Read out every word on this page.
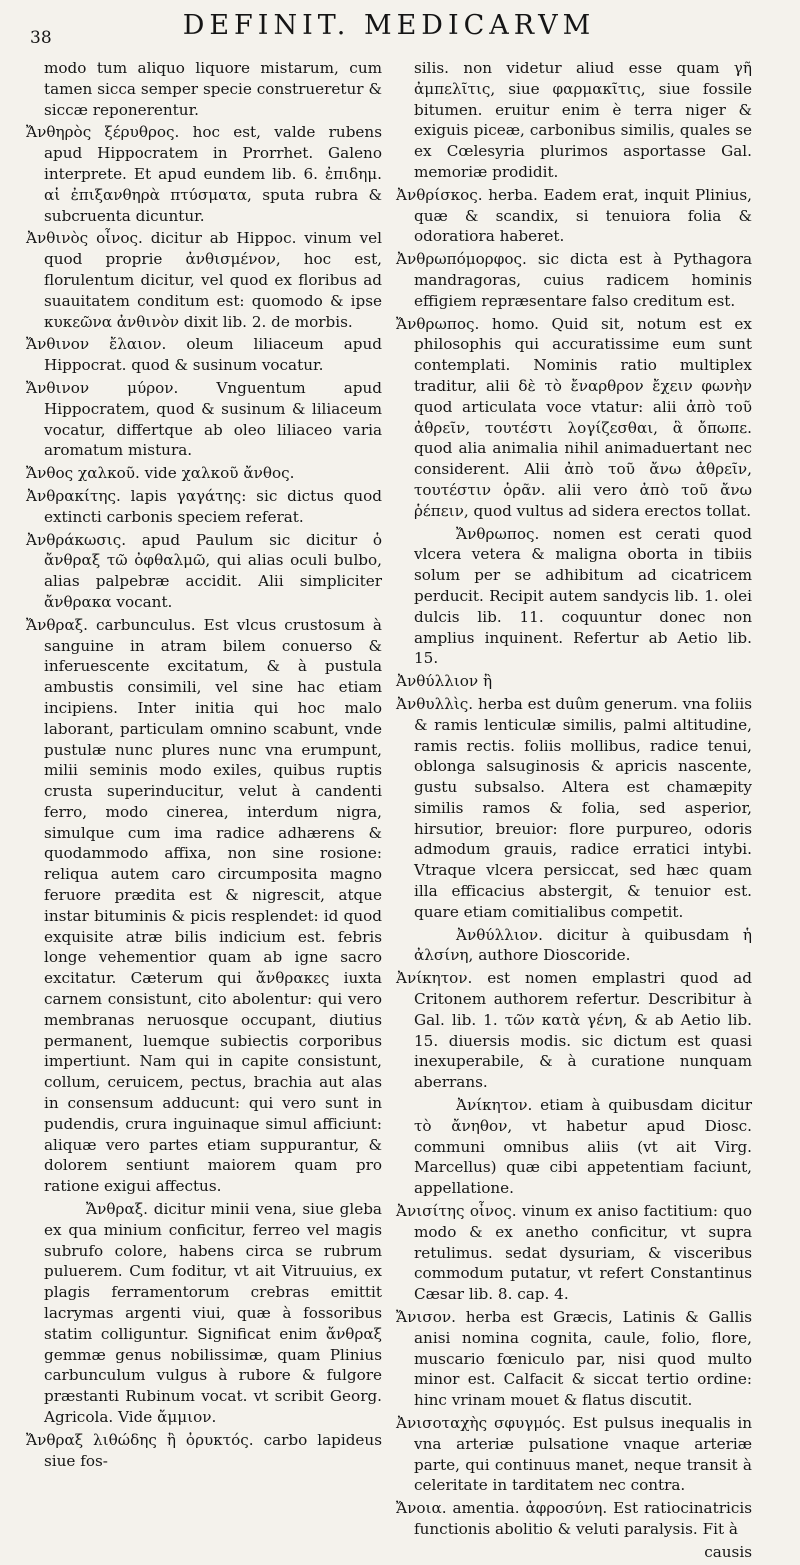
38	DEFINIT. MEDICARVM

modo tum aliquo liquore mistarum, cum tamen sicca semper specie construeretur & siccæ reponerentur.

Ἄνθηρὸς ξέρυθρος. hoc est, valde rubens apud Hippocratem in Prorrhet. Galeno interprete. Et apud eundem lib. 6. ἐπιδημ. αἱ ἐπιξανθηρὰ πτύσματα, sputa rubra & subcruenta dicuntur.

Ἀνθινὸς οἶνος. dicitur ab Hippoc. vinum vel quod proprie ἀνθισμένον, hoc est, florulentum dicitur, vel quod ex floribus ad suauitatem conditum est: quomodo & ipse κυκεῶνα ἀνθινὸν dixit lib. 2. de morbis.

Ἄνθινον ἔλαιον. oleum liliaceum apud Hippocrat. quod & susinum vocatur.

Ἄνθινον μύρον. Vnguentum apud Hippocratem, quod & susinum & liliaceum vocatur, differtque ab oleo liliaceo varia aromatum mistura.

Ἄνθος χαλκοῦ. vide χαλκοῦ ἄνθος.

Ἀνθρακίτης. lapis γαγάτης: sic dictus quod extincti carbonis speciem referat.

Ἀνθράκωσις. apud Paulum sic dicitur ὁ ἄνθραξ τῶ ὀφθαλμῶ, qui alias oculi bulbo, alias palpebræ accidit. Alii simpliciter ἄνθρακα vocant.

Ἄνθραξ. carbunculus. Est vlcus crustosum à sanguine in atram bilem conuerso & inferuescente excitatum, & à pustula ambustis consimili, vel sine hac etiam incipiens. Inter initia qui hoc malo laborant, particulam omnino scabunt, vnde pustulæ nunc plures nunc vna erumpunt, milii seminis modo exiles, quibus ruptis crusta superinducitur, velut à candenti ferro, modo cinerea, interdum nigra, simulque cum ima radice adhærens & quodammodo affixa, non sine rosione: reliqua autem caro circumposita magno feruore prædita est & nigrescit, atque instar bituminis & picis resplendet: id quod exquisite atræ bilis indicium est. febris longe vehementior quam ab igne sacro excitatur. Cæterum qui ἄνθρακες iuxta carnem consistunt, cito abolentur: qui vero membranas neruosque occupant, diutius permanent, luemque subiectis corporibus impertiunt. Nam qui in capite consistunt, collum, ceruicem, pectus, brachia aut alas in consensum adducunt: qui vero sunt in pudendis, crura inguinaque simul afficiunt: aliquæ vero partes etiam suppurantur, & dolorem sentiunt maiorem quam pro ratione exigui affectus.

Ἄνθραξ. dicitur minii vena, siue gleba ex qua minium conficitur, ferreo vel magis subrufo colore, habens circa se rubrum puluerem. Cum foditur, vt ait Vitruuius, ex plagis ferramentorum crebras emittit lacrymas argenti viui, quæ à fossoribus statim colliguntur. Significat enim ἄνθραξ gemmæ genus nobilissimæ, quam Plinius carbunculum vulgus à rubore & fulgore præstanti Rubinum vocat. vt scribit Georg. Agricola. Vide ἄμμιον.

Ἄνθραξ λιθώδης ἢ ὀρυκτός. carbo lapideus siue fos-

silis. non videtur aliud esse quam γῆ ἀμπελῖτις, siue φαρμακῖτις, siue fossile bitumen. eruitur enim è terra niger & exiguis piceæ, carbonibus similis, quales se ex Cœlesyria plurimos asportasse Gal. memoriæ prodidit.

Ἀνθρίσκος. herba. Eadem erat, inquit Plinius, quæ & scandix, si tenuiora folia & odoratiora haberet.

Ἀνθρωπόμορφος. sic dicta est à Pythagora mandragoras, cuius radicem hominis effigiem repræsentare falso creditum est.

Ἄνθρωπος. homo. Quid sit, notum est ex philosophis qui accuratissime eum sunt contemplati. Nominis ratio multiplex traditur, alii δὲ τὸ ἔναρθρον ἔχειν φωνὴν quod articulata voce vtatur: alii ἀπὸ τοῦ ἀθρεῖν, τουτέστι λογίζεσθαι, ἃ ὄπωπε. quod alia animalia nihil animaduertant nec considerent. Alii ἀπὸ τοῦ ἄνω ἀθρεῖν, τουτέστιν ὁρᾶν. alii vero ἀπὸ τοῦ ἄνω ῥέπειν, quod vultus ad sidera erectos tollat.

Ἄνθρωπος. nomen est cerati quod vlcera vetera & maligna oborta in tibiis solum per se adhibitum ad cicatricem perducit. Recipit autem sandycis lib. 1. olei dulcis lib. 11. coquuntur donec non amplius inquinent. Refertur ab Aetio lib. 15.

Ἀνθύλλιον ἢ

Ἀνθυλλὶς. herba est duûm generum. vna foliis & ramis lenticulæ similis, palmi altitudine, ramis rectis. foliis mollibus, radice tenui, oblonga salsuginosis & apricis nascente, gustu subsalso. Altera est chamæpity similis ramos & folia, sed asperior, hirsutior, breuior: flore purpureo, odoris admodum grauis, radice erratici intybi. Vtraque vlcera persiccat, sed hæc quam illa efficacius abstergit, & tenuior est. quare etiam comitialibus competit.

Ἀνθύλλιον. dicitur à quibusdam ἡ ἀλσίνη, authore Dioscoride.

Ἀνίκητον. est nomen emplastri quod ad Critonem authorem refertur. Describitur à Gal. lib. 1. τῶν κατὰ γένη, & ab Aetio lib. 15. diuersis modis. sic dictum est quasi inexuperabile, & à curatione nunquam aberrans.

Ἀνίκητον. etiam à quibusdam dicitur τὸ ἄνηθον, vt habetur apud Diosc. communi omnibus aliis (vt ait Virg. Marcellus) quæ cibi appetentiam faciunt, appellatione.

Ἀνισίτης οἶνος. vinum ex aniso factitium: quo modo & ex anetho conficitur, vt supra retulimus. sedat dysuriam, & visceribus commodum putatur, vt refert Constantinus Cæsar lib. 8. cap. 4.

Ἄνισον. herba est Græcis, Latinis & Gallis anisi nomina cognita, caule, folio, flore, muscario fœniculo par, nisi quod multo minor est. Calfacit & siccat tertio ordine: hinc vrinam mouet & flatus discutit.

Ἀνισοταχὴς σφυγμός. Est pulsus inequalis in vna arteriæ pulsatione vnaque arteriæ parte, qui continuus manet, neque transit à celeritate in tarditatem nec contra.

Ἄνοια. amentia. ἀφροσύνη. Est ratiocinatricis functionis abolitio & veluti paralysis. Fit à

causis
